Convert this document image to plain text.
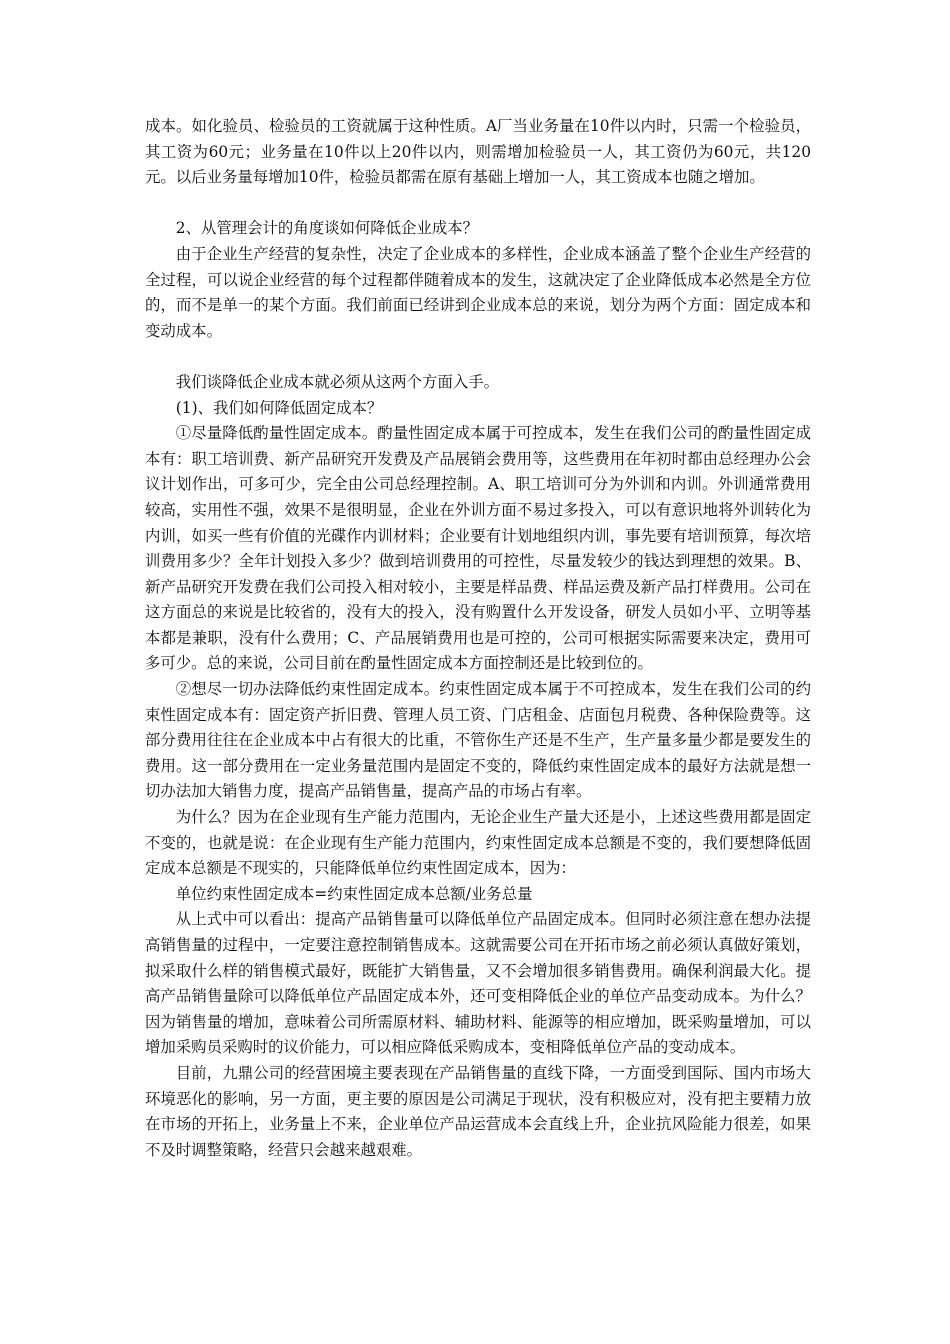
成本。如化验员、检验员的工资就属于这种性质。A厂当业务量在10件以内时，只需一个检验员，其工资为60元；业务量在10件以上20件以内，则需增加检验员一人，其工资仍为60元，共120元。以后业务量每增加10件，检验员都需在原有基础上增加一人，其工资成本也随之增加。

2、从管理会计的角度谈如何降低企业成本？

由于企业生产经营的复杂性，决定了企业成本的多样性，企业成本涵盖了整个企业生产经营的全过程，可以说企业经营的每个过程都伴随着成本的发生，这就决定了企业降低成本必然是全方位的，而不是单一的某个方面。我们前面已经讲到企业成本总的来说，划分为两个方面：固定成本和变动成本。

我们谈降低企业成本就必须从这两个方面入手。

(1)、我们如何降低固定成本？

①尽量降低酌量性固定成本。酌量性固定成本属于可控成本，发生在我们公司的酌量性固定成本有：职工培训费、新产品研究开发费及产品展销会费用等，这些费用在年初时都由总经理办公会议计划作出，可多可少，完全由公司总经理控制。A、职工培训可分为外训和内训。外训通常费用较高，实用性不强，效果不是很明显，企业在外训方面不易过多投入，可以有意识地将外训转化为内训，如买一些有价值的光碟作内训材料；企业要有计划地组织内训，事先要有培训预算，每次培训费用多少？全年计划投入多少？做到培训费用的可控性，尽量发较少的钱达到理想的效果。B、新产品研究开发费在我们公司投入相对较小，主要是样品费、样品运费及新产品打样费用。公司在这方面总的来说是比较省的，没有大的投入，没有购置什么开发设备，研发人员如小平、立明等基本都是兼职，没有什么费用；C、产品展销费用也是可控的，公司可根据实际需要来决定，费用可多可少。总的来说，公司目前在酌量性固定成本方面控制还是比较到位的。

②想尽一切办法降低约束性固定成本。约束性固定成本属于不可控成本，发生在我们公司的约束性固定成本有：固定资产折旧费、管理人员工资、门店租金、店面包月税费、各种保险费等。这部分费用往往在企业成本中占有很大的比重，不管你生产还是不生产，生产量多量少都是要发生的费用。这一部分费用在一定业务量范围内是固定不变的，降低约束性固定成本的最好方法就是想一切办法加大销售力度，提高产品销售量，提高产品的市场占有率。

为什么？因为在企业现有生产能力范围内，无论企业生产量大还是小，上述这些费用都是固定不变的，也就是说：在企业现有生产能力范围内，约束性固定成本总额是不变的，我们要想降低固定成本总额是不现实的，只能降低单位约束性固定成本，因为：

单位约束性固定成本=约束性固定成本总额/业务总量

从上式中可以看出：提高产品销售量可以降低单位产品固定成本。但同时必须注意在想办法提高销售量的过程中，一定要注意控制销售成本。这就需要公司在开拓市场之前必须认真做好策划，拟采取什么样的销售模式最好，既能扩大销售量，又不会增加很多销售费用。确保利润最大化。提高产品销售量除可以降低单位产品固定成本外，还可变相降低企业的单位产品变动成本。为什么？因为销售量的增加，意味着公司所需原材料、辅助材料、能源等的相应增加，既采购量增加，可以增加采购员采购时的议价能力，可以相应降低采购成本，变相降低单位产品的变动成本。

目前，九鼎公司的经营困境主要表现在产品销售量的直线下降，一方面受到国际、国内市场大环境恶化的影响，另一方面，更主要的原因是公司满足于现状，没有积极应对，没有把主要精力放在市场的开拓上，业务量上不来，企业单位产品运营成本会直线上升，企业抗风险能力很差，如果不及时调整策略，经营只会越来越艰难。
